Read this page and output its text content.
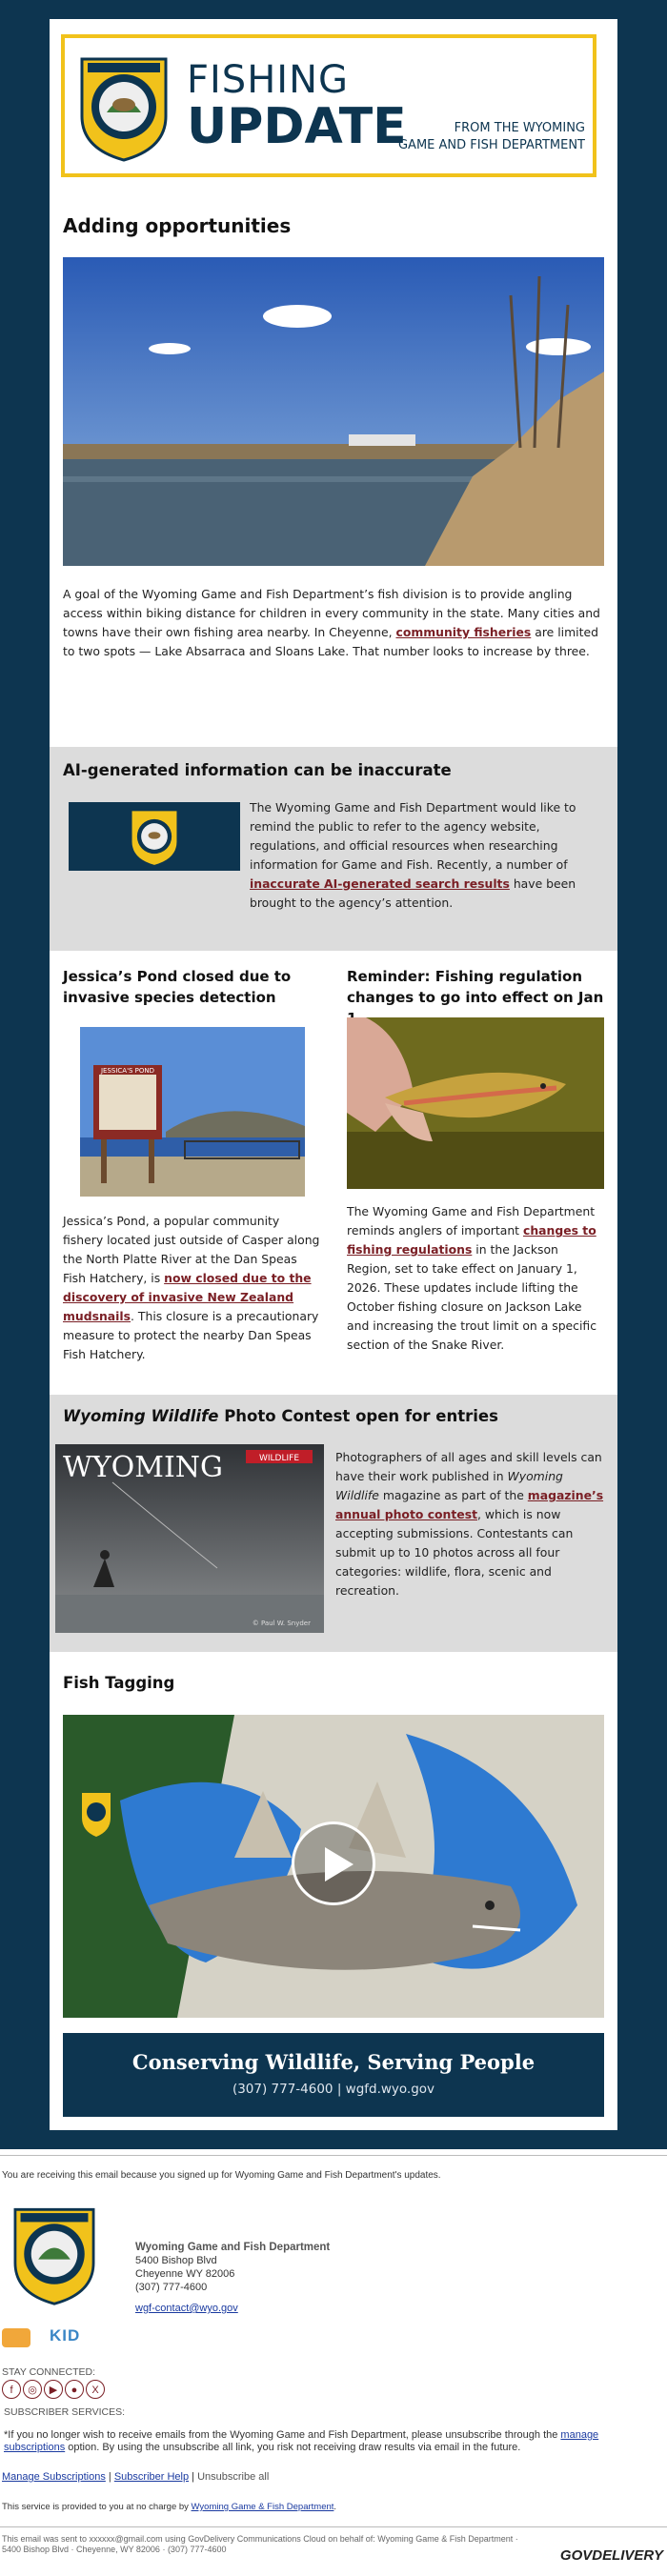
FISHING
UPDATE	FROM THE WYOMING
GAME AND FISH DEPARTMENT
Adding opportunities

A goal of the Wyoming Game and Fish Department’s fish division is to provide angling access within biking distance for children in every community in the state. Many cities and towns have their own fishing area nearby. In Cheyenne, community fisheries are limited to two spots — Lake Absarraca and Sloans Lake. That number looks to increase by three.

AI-generated information can be inaccurate

The Wyoming Game and Fish Department would like to remind the public to refer to the agency website, regulations, and official resources when researching information for Game and Fish. Recently, a number of inaccurate AI-generated search results have been brought to the agency’s attention.

Jessica’s Pond closed due to invasive species detection
JESSICA'S POND

Jessica’s Pond, a popular community fishery located just outside of Casper along the North Platte River at the Dan Speas Fish Hatchery, is now closed due to the discovery of invasive New Zealand mudsnails. This closure is a precautionary measure to protect the nearby Dan Speas Fish Hatchery.

Reminder: Fishing regulation changes to go into effect on Jan

The Wyoming Game and Fish Department reminds anglers of important changes to fishing regulations in the Jackson Region, set to take effect on January 1, 2026. These updates include lifting the October fishing closure on Jackson Lake and increasing the trout limit on a specific section of the Snake River.

Wyoming Wildlife Photo Contest open for entries
WYOMING	WILDLIFE
© Paul W. Snyder

Photographers of all ages and skill levels can have their work published in Wyoming Wildlife magazine as part of the magazine’s annual photo contest, which is now accepting submissions. Contestants can submit up to 10 photos across all four categories: wildlife, flora, scenic and recreation.

Fish Tagging
Conserving Wildlife, Serving People
(307) 777-4600 | wgfd.wyo.gov

You are receiving this email because you signed up for Wyoming Game and Fish Department's updates.

Wyoming Game and Fish Department

5400 Bishop Blvd

Cheyenne WY 82006

(307) 777-4600

wgf-contact@wyo.gov

KID

STAY CONNECTED:

f ◎ ▶ ● X

SUBSCRIBER SERVICES:

*If you no longer wish to receive emails from the Wyoming Game and Fish Department, please unsubscribe through the manage subscriptions option. By using the unsubscribe all link, you risk not receiving draw results via email in the future.

Manage Subscriptions | Subscriber Help | Unsubscribe all

This service is provided to you at no charge by Wyoming Game & Fish Department.

This email was sent to xxxxxx@gmail.com using GovDelivery Communications Cloud on behalf of: Wyoming Game & Fish Department · 5400 Bishop Blvd · Cheyenne, WY 82006 · (307) 777-4600	GOVDELIVERY
